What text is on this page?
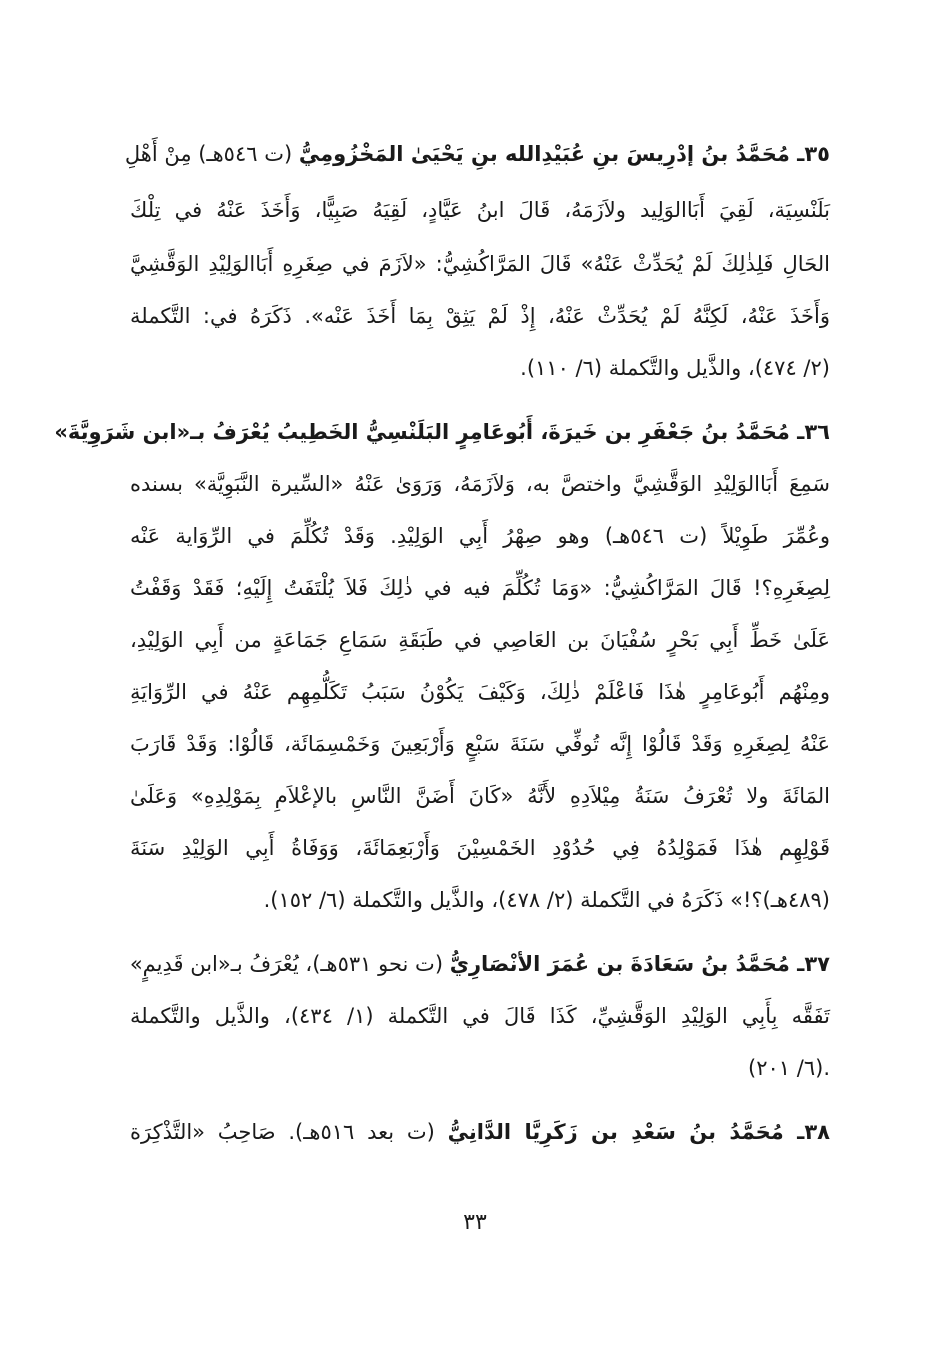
٣٥ـ مُحَمَّدُ بنُ إدْرِيسَ بنِ عُبَيْدِالله بنِ يَحْيَىٰ المَخْزُومِيُّ (ت ٥٤٦هـ) مِنْ أَهْلِ
بَلَنْسِيَة، لَقِيَ أَبَاالوَلِيد ولاَزَمَهُ، قَالَ ابنُ عَيَّادٍ، لَقِيَهُ صَبِيًّا، وَأَخَذَ عَنْهُ في تِلْكَ
الحَالِ فَلِذٰلِكَ لَمْ يُحَدِّثْ عَنْهُ» قَالَ المَرَّاكُشِيُّ: «لاَزَمَ في صِغَرِهِ أَبَاالوَلِيْدِ الوَقَّشِيَّ
وَأَخَذَ عَنْهُ، لَكِنَّهُ لَمْ يُحَدِّثْ عَنْهُ، إِذْ لَمْ يَثِقْ بِمَا أَخَذَ عَنْه». ذَكَرَهُ في: التَّكملة
(٢/ ٤٧٤)، والذَّيل والتَّكملة (٦/ ١١٠).
٣٦ـ مُحَمَّدُ بنُ جَعْفَرِ بن خَيرَةَ، أَبُوعَامِرٍ البَلَنْسِيُّ الخَطِيبُ يُعْرَفُ بـ«ابن شَرَوِيَّةَ»
سَمِعَ أَبَاالوَلِيْدِ الوَقَّشِيَّ واختصَّ به، وَلاَزَمَهُ، وَرَوَىٰ عَنْهُ «السِّيرة النَّبَوِيَّة» بسنده
وعُمِّرَ طَوِيْلاً (ت ٥٤٦هـ) وهو صِهْرُ أَبِي الوَلِيْدِ. وَقَدْ تُكُلِّمَ في الرِّوَاية عَنْه
لِصِغَرِهِ؟! قَالَ المَرَّاكُشِيُّ: «وَمَا تُكُلِّمَ فيه في ذٰلِكَ فَلاَ يُلْتَفَتُ إِلَيْهِ؛ فَقَدْ وَقَفْتُ
عَلَىٰ خَطِّ أَبِي بَحْرٍ سُفْيَانَ بن العَاصِي في طَبَقَةِ سَمَاعِ جَمَاعَةٍ من أَبِي الوَلِيْدِ،
ومِنْهُم أَبُوعَامِرٍ هٰذَا فَاعْلَمْ ذٰلِكَ، وَكَيْفَ يَكُوْنُ سَبَبُ تَكَلُّمِهِم عَنْهُ في الرِّوَايَةِ
عَنْهُ لِصِغَرِهِ وَقَدْ قَالُوْا إِنَّه تُوفِّي سَنَةَ سَبْعٍ وَأَرْبَعِينَ وَخَمْسِمَائَة، قَالُوْا: وَقَدْ قَارَبَ
المَائَةَ ولا تُعْرَفُ سَنَةُ مِيْلاَدِهِ لأَنَّهُ «كَانَ أَضَنَّ النَّاسِ بالإعْلاَمِ بِمَوْلِدِهِ» وَعَلَىٰ
قَوْلِهِم هٰذَا فَمَوْلِدُهُ فِي حُدُوْدِ الخَمْسِيْنَ وَأَرْبَعِمَائَةَ، وَوَفَاةُ أَبِي الوَلِيْدِ سَنَةَ
(٤٨٩هـ)؟!» ذَكَرَهُ في التَّكملة (٢/ ٤٧٨)، والذَّيل والتَّكملة (٦/ ١٥٢).
٣٧ـ مُحَمَّدُ بنُ سَعَادَةَ بن عُمَرَ الأنْصَارِيُّ (ت نحو ٥٣١هـ)، يُعْرَفُ بـ«ابن قَدِيمٍ»
تَفَقَّه بِأَبِي الوَلِيْدِ الوَقَّشِيِّ، كَذَا قَالَ في التَّكملة (١/ ٤٣٤)، والذَّيل والتَّكملة
(٦/ ٢٠١).
٣٨ـ مُحَمَّدُ بنُ سَعْدِ بن زَكَرِيَّا الدَّانِيُّ (ت بعد ٥١٦هـ). صَاحِبُ «التَّذْكِرَة
٣٣
